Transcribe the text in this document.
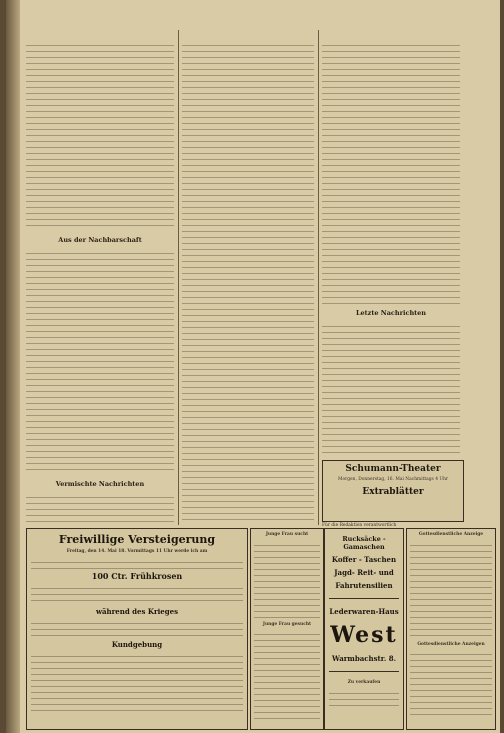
Aus der Nachbarschaft
Vermischte Nachrichten
Letzte Nachrichten
Schumann-Theater
Morgen, Donnerstag, 16. Mai Nachmittags 4 Uhr
Extrablätter
Für die Redaktion verantwortlich
Freiwillige Versteigerung
Freitag, den 14. Mai 18. Vormittags 11 Uhr werde ich am
100 Ctr. Frühkrosen
während des Krieges
Kundgebung
Junge Frau sucht
Junge Frau gesucht
Rucksäcke - Gamaschen
Koffer - Taschen
Jagd- Reit- und
Fahrutensilien
Lederwaren-Haus
West
Warmbachstr. 8.
Zu verkaufen
Gottesdienstliche Anzeige
Gottesdienstliche Anzeigen
